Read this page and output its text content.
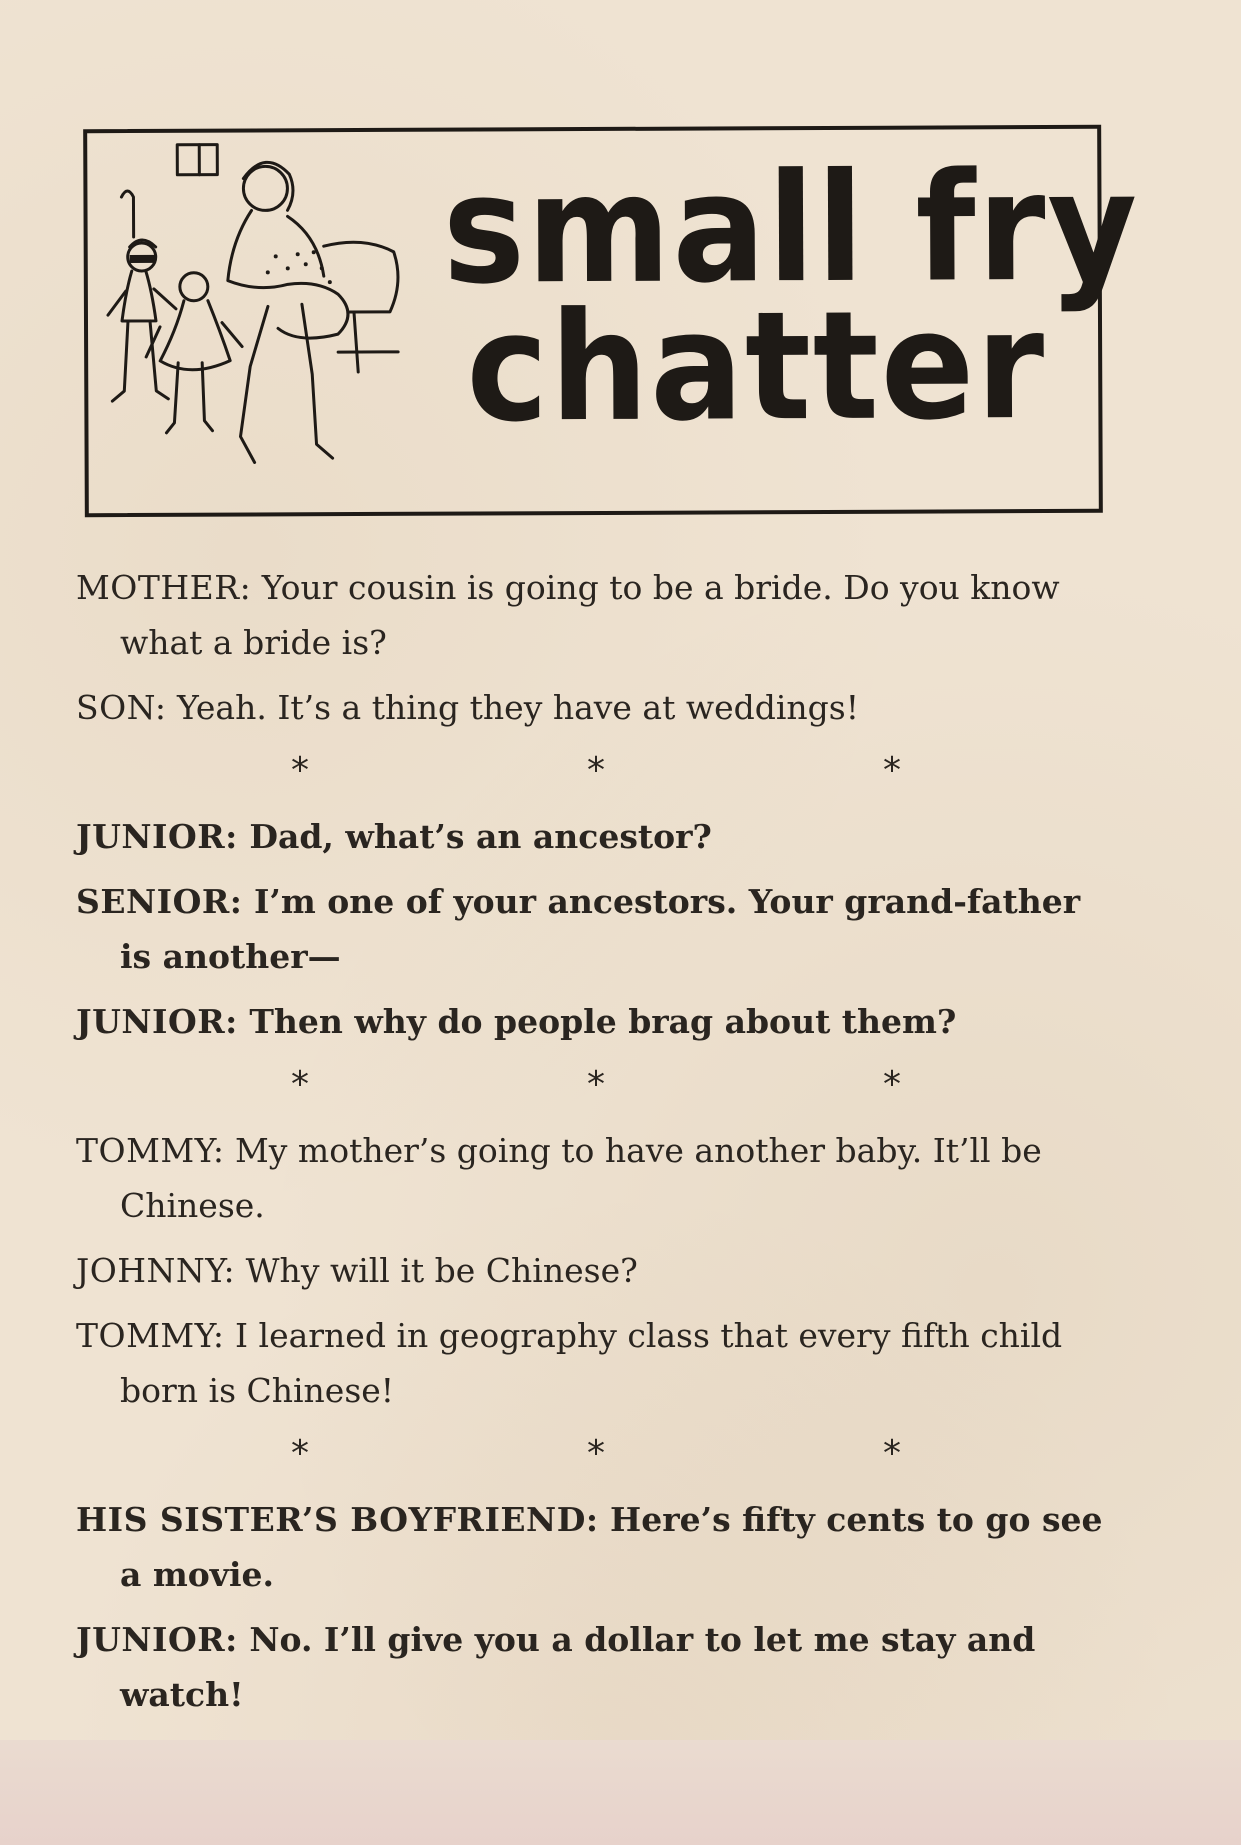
small fry
chatter

MOTHER: Your cousin is going to be a bride. Do you know what a bride is?

SON: Yeah. It’s a thing they have at weddings!

*	*	*

JUNIOR: Dad, what’s an ancestor?

SENIOR: I’m one of your ancestors. Your grand-father is another—

JUNIOR: Then why do people brag about them?

*	*	*

TOMMY: My mother’s going to have another baby. It’ll be Chinese.

JOHNNY: Why will it be Chinese?

TOMMY: I learned in geography class that every fifth child born is Chinese!

*	*	*

HIS SISTER’S BOYFRIEND: Here’s fifty cents to go see a movie.

JUNIOR: No. I’ll give you a dollar to let me stay and watch!
